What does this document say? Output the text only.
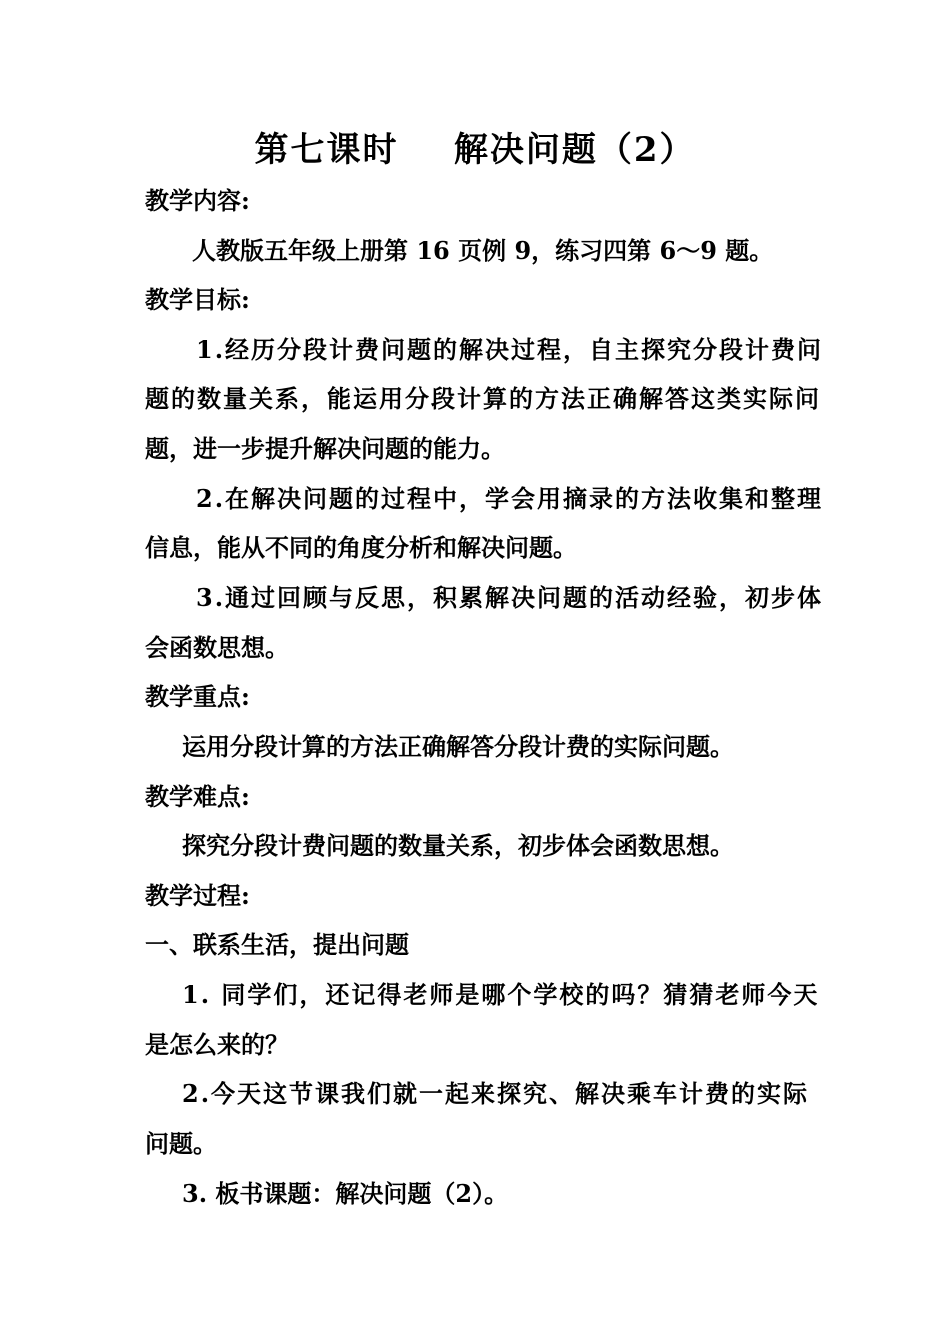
第七课时    解决问题（2）
教学内容:
人教版五年级上册第 16 页例 9，练习四第 6～9 题。
教学目标:
1.经历分段计费问题的解决过程，自主探究分段计费问
题的数量关系，能运用分段计算的方法正确解答这类实际问
题，进一步提升解决问题的能力。
2.在解决问题的过程中，学会用摘录的方法收集和整理
信息，能从不同的角度分析和解决问题。
3.通过回顾与反思，积累解决问题的活动经验，初步体
会函数思想。
教学重点:
运用分段计算的方法正确解答分段计费的实际问题。
教学难点:
探究分段计费问题的数量关系，初步体会函数思想。
教学过程:
一、联系生活，提出问题
1. 同学们，还记得老师是哪个学校的吗？猜猜老师今天
是怎么来的？
2.今天这节课我们就一起来探究、解决乘车计费的实际
问题。
3. 板书课题：解决问题（2）。
